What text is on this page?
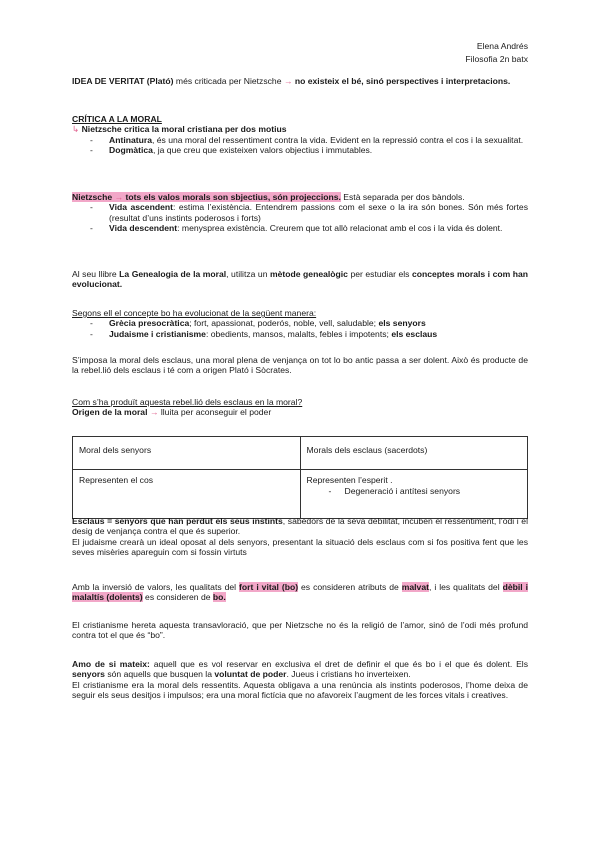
Elena Andrés
Filosofia 2n batx

IDEA DE VERITAT (Plató) més criticada per Nietzsche → no existeix el bé, sinó perspectives i interpretacions.

CRÍTICA A LA MORAL

↳ Nietzsche critica la moral cristiana per dos motius

- Antinatura, és una moral del ressentiment contra la vida. Evident en la repressió contra el cos i la sexualitat.
- Dogmàtica, ja que creu que existeixen valors objectius i immutables.

Nietzsche → tots els valos morals son sbjectius, són projeccions. Està separada per dos bàndols.

- Vida ascendent: estima l’existència. Entendrem passions com el sexe o la ira són bones. Són més fortes (resultat d’uns instints poderosos i forts)
- Vida descendent: menysprea existència. Creurem que tot allò relacionat amb el cos i la vida és dolent.

Al seu llibre La Genealogia de la moral, utilitza un mètode genealògic per estudiar els conceptes morals i com han evolucionat.

Segons ell el concepte bo ha evolucionat de la següent manera:

- Grècia presocràtica; fort, apassionat, poderós, noble, vell, saludable; els senyors
- Judaisme i cristianisme: obedients, mansos, malalts, febles i impotents; els esclaus

S’imposa la moral dels esclaus, una moral plena de venjança on tot lo bo antic passa a ser dolent. Això és producte de la rebel.lió dels esclaus i té com a origen Plató i Sòcrates.

Com s’ha produït aquesta rebel.lió dels esclaus en la moral?

Origen de la moral → lluita per aconseguir el poder

Moral dels senyors	Morals dels esclaus (sacerdots)
Representen el cos	Representen l’esperit .
- Degeneració i antítesi senyors

Esclaus = senyors que han perdut els seus instints, sabedors de la seva debilitat, incuben el ressentiment, l’odi i el desig de venjança contra el que és superior.

El judaisme crearà un ideal oposat al dels senyors, presentant la situació dels esclaus com si fos positiva fent que les seves misèries apareguin com si fossin virtuts

Amb la inversió de valors, les qualitats del fort i vital (bo) es consideren atributs de malvat, i les qualitats del dèbil i malaltís (dolents) es consideren de bo.

El cristianisme hereta aquesta transavloració, que per Nietzsche no és la religió de l’amor, sinó de l’odi més profund contra tot el que és “bo”.

Amo de si mateix: aquell que es vol reservar en exclusiva el dret de definir el que és bo i el que és dolent. Els senyors són aquells que busquen la voluntat de poder. Jueus i cristians ho inverteixen.

El cristianisme era la moral dels ressentits. Aquesta obligava a una renúncia als instints poderosos, l’home deixa de seguir els seus desitjos i impulsos; era una moral fictícia que no afavoreix l’augment de les forces vitals i creatives.
